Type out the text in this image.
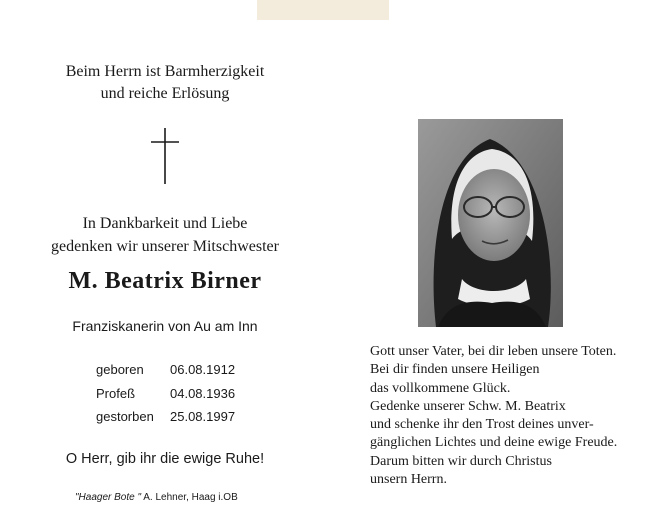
Beim Herrn ist Barmherzigkeit
und reiche Erlösung
In Dankbarkeit und Liebe
gedenken wir unserer Mitschwester
M. Beatrix Birner
Franziskanerin von Au am Inn
geboren 06.08.1912
Profeß	04.08.1936
gestorben 25.08.1997
O Herr, gib ihr die ewige Ruhe!
"Haager Bote " A. Lehner, Haag i.OB
Gott unser Vater, bei dir leben unsere Toten.
Bei dir finden unsere Heiligen
das vollkommene Glück.
Gedenke unserer Schw. M. Beatrix
und schenke ihr den Trost deines unver-
gänglichen Lichtes und deine ewige Freude.
Darum bitten wir durch Christus
unsern Herrn.
